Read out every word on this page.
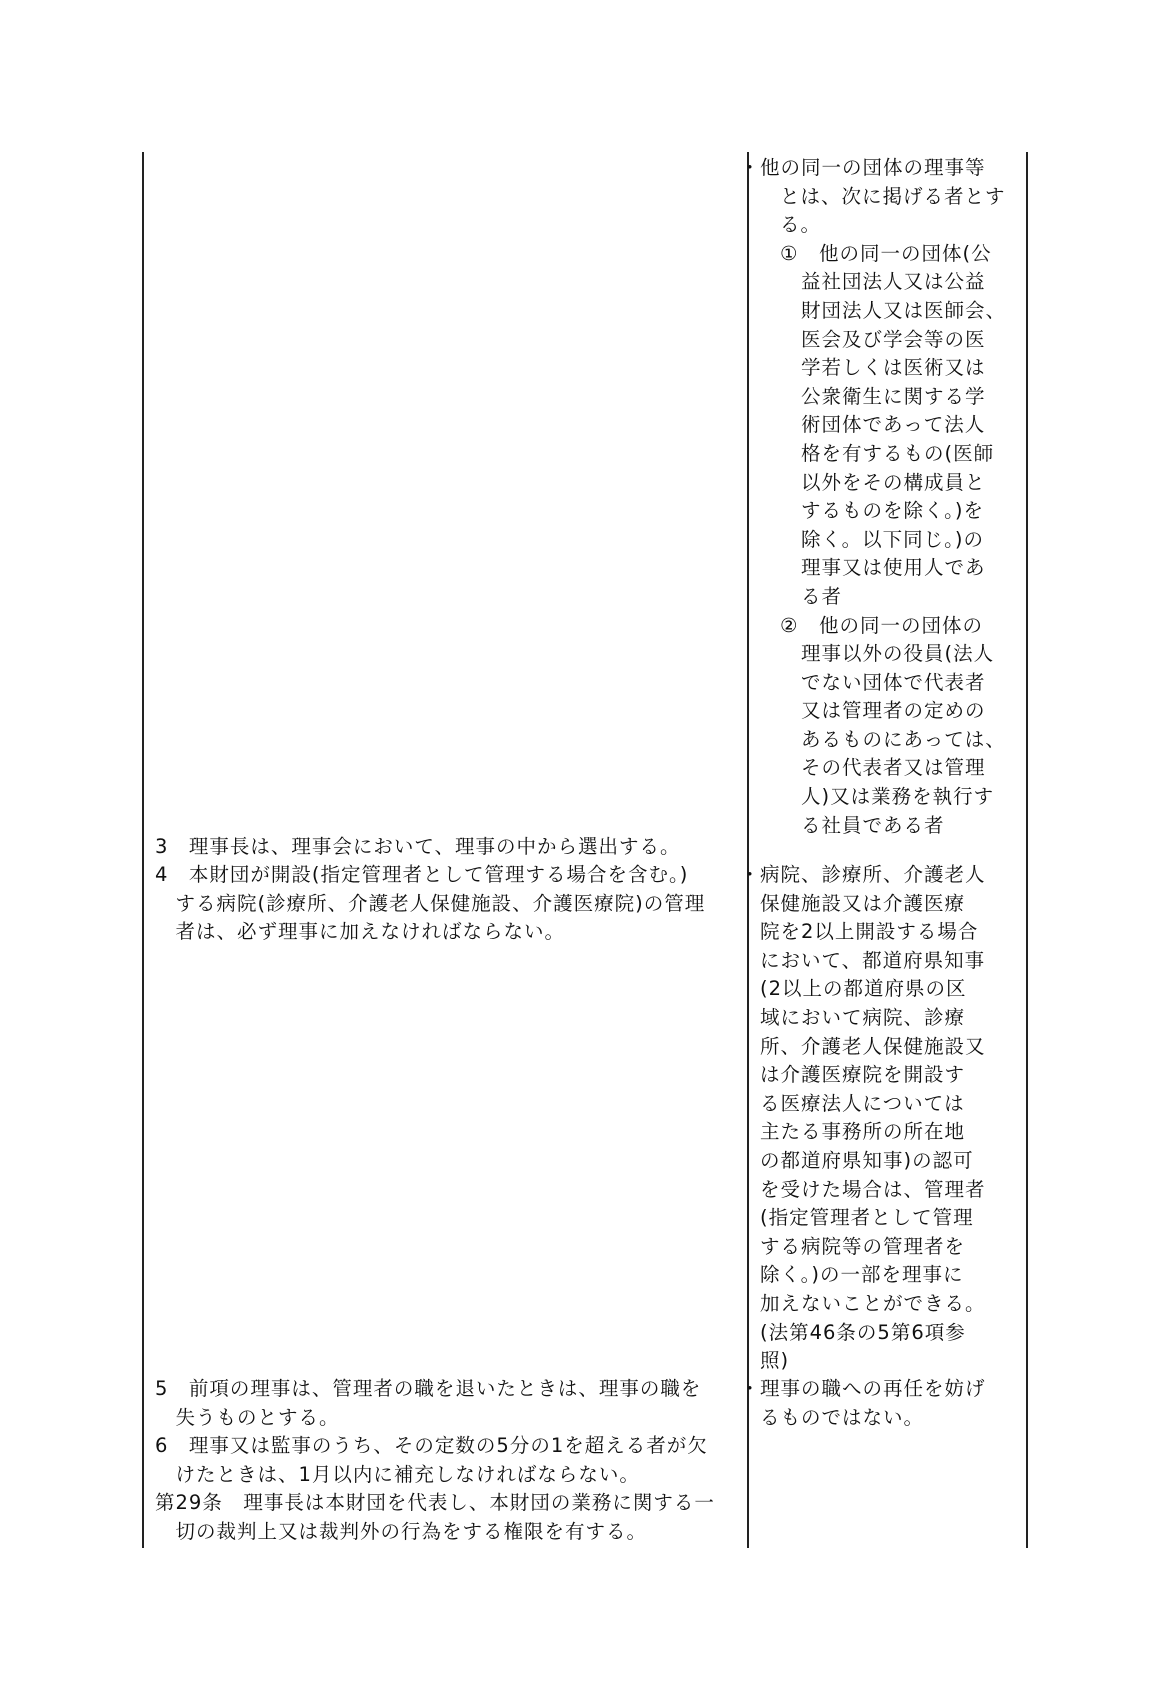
3　理事長は、理事会において、理事の中から選出する。
4　本財団が開設(指定管理者として管理する場合を含む。)
　する病院(診療所、介護老人保健施設、介護医療院)の管理
　者は、必ず理事に加えなければならない。
5　前項の理事は、管理者の職を退いたときは、理事の職を
　失うものとする。
6　理事又は監事のうち、その定数の5分の1を超える者が欠
　けたときは、1月以内に補充しなければならない。
第29条　理事長は本財団を代表し、本財団の業務に関する一
　切の裁判上又は裁判外の行為をする権限を有する。
・ 他の同一の団体の理事等
とは、次に掲げる者とす
る。
①　他の同一の団体(公
益社団法人又は公益
財団法人又は医師会、
医会及び学会等の医
学若しくは医術又は
公衆衛生に関する学
術団体であって法人
格を有するもの(医師
以外をその構成員と
するものを除く。)を
除く。以下同じ。)の
理事又は使用人であ
る者
②　他の同一の団体の
理事以外の役員(法人
でない団体で代表者
又は管理者の定めの
あるものにあっては、
その代表者又は管理
人)又は業務を執行す
る社員である者
・ 病院、診療所、介護老人
保健施設又は介護医療
院を2以上開設する場合
において、都道府県知事
(2以上の都道府県の区
域において病院、診療
所、介護老人保健施設又
は介護医療院を開設す
る医療法人については
主たる事務所の所在地
の都道府県知事)の認可
を受けた場合は、管理者
(指定管理者として管理
する病院等の管理者を
除く。)の一部を理事に
加えないことができる。
(法第46条の5第6項参
照)
・ 理事の職への再任を妨げ
るものではない。
